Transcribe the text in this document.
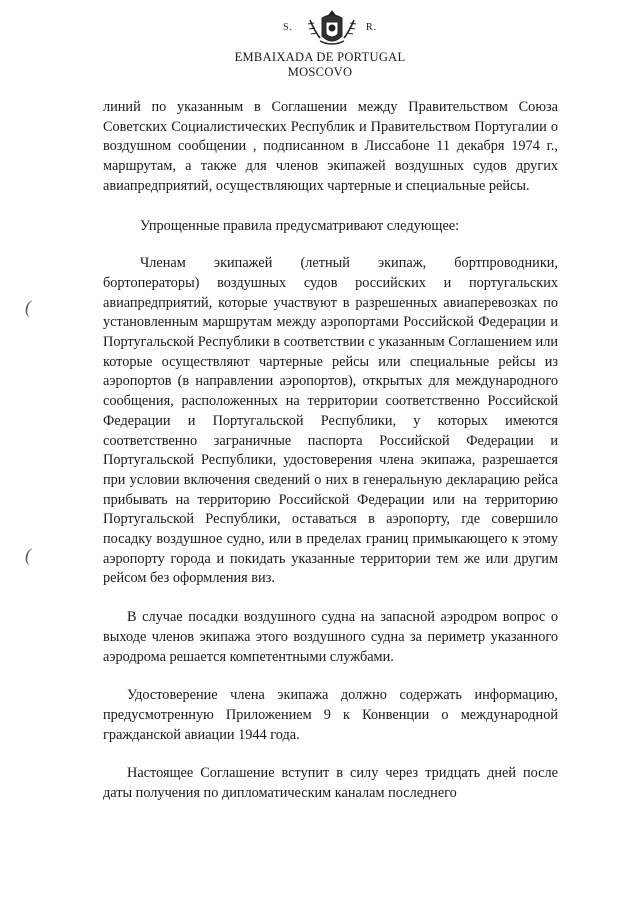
S.	R.
EMBAIXADA DE PORTUGAL
MOSCOVO
(
(

линий по указанным в Соглашении между Правительством Союза Советских Социалистических Республик и Правительством Португалии о воздушном сообщении , подписанном в Лиссабоне 11 декабря 1974 г., маршрутам, а также для членов экипажей воздушных судов других авиапредприятий, осуществляющих чартерные и специальные рейсы.

Упрощенные правила предусматривают следующее:

Членам экипажей (летный экипаж, бортпроводники, бортоператоры) воздушных судов российских и португальских авиапредприятий, которые участвуют в разрешенных авиаперевозках по установленным маршрутам между аэропортами Российской Федерации и Португальской Республики в соответствии с указанным Соглашением или которые осуществляют чартерные рейсы или специальные рейсы из аэропортов (в направлении аэропортов), открытых для международного сообщения, расположенных на территории соответственно Российской Федерации и Португальской Республики, у которых имеются соответственно заграничные паспорта Российской Федерации и Португальской Республики, удостоверения члена экипажа, разрешается при условии включения сведений о них в генеральную декларацию рейса прибывать на территорию Российской Федерации или на территорию Португальской Республики, оставаться в аэропорту, где совершило посадку воздушное судно, или в пределах границ примыкающего к этому аэропорту города и покидать указанные территории тем же или другим рейсом без оформления виз.

В случае посадки воздушного судна на запасной аэродром вопрос о выходе членов экипажа этого воздушного судна за периметр указанного аэродрома решается компетентными службами.

Удостоверение члена экипажа должно содержать информацию, предусмотренную Приложением 9 к Конвенции о международной гражданской авиации 1944 года.

Настоящее Соглашение вступит в силу через тридцать дней после даты получения по дипломатическим каналам последнего
